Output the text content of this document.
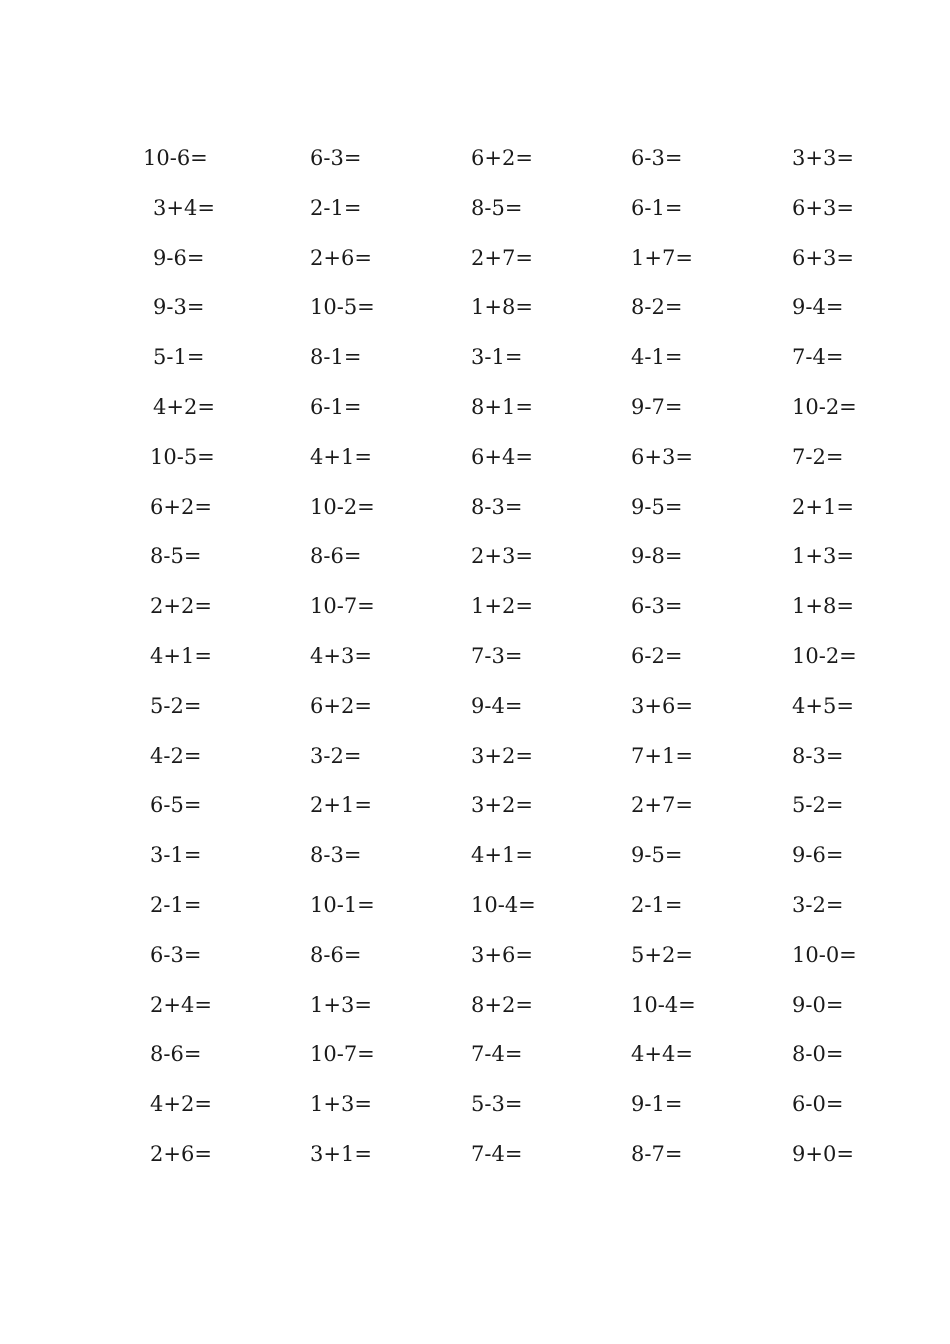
10-6=	6-3=	6+2=	6-3=	3+3=
3+4=	2-1=	8-5=	6-1=	6+3=
9-6=	2+6=	2+7=	1+7=	6+3=
9-3=	10-5=	1+8=	8-2=	9-4=
5-1=	8-1=	3-1=	4-1=	7-4=
4+2=	6-1=	8+1=	9-7=	10-2=
10-5=	4+1=	6+4=	6+3=	7-2=
6+2=	10-2=	8-3=	9-5=	2+1=
8-5=	8-6=	2+3=	9-8=	1+3=
2+2=	10-7=	1+2=	6-3=	1+8=
4+1=	4+3=	7-3=	6-2=	10-2=
5-2=	6+2=	9-4=	3+6=	4+5=
4-2=	3-2=	3+2=	7+1=	8-3=
6-5=	2+1=	3+2=	2+7=	5-2=
3-1=	8-3=	4+1=	9-5=	9-6=
2-1=	10-1=	10-4=	2-1=	3-2=
6-3=	8-6=	3+6=	5+2=	10-0=
2+4=	1+3=	8+2=	10-4=	9-0=
8-6=	10-7=	7-4=	4+4=	8-0=
4+2=	1+3=	5-3=	9-1=	6-0=
2+6=	3+1=	7-4=	8-7=	9+0=
